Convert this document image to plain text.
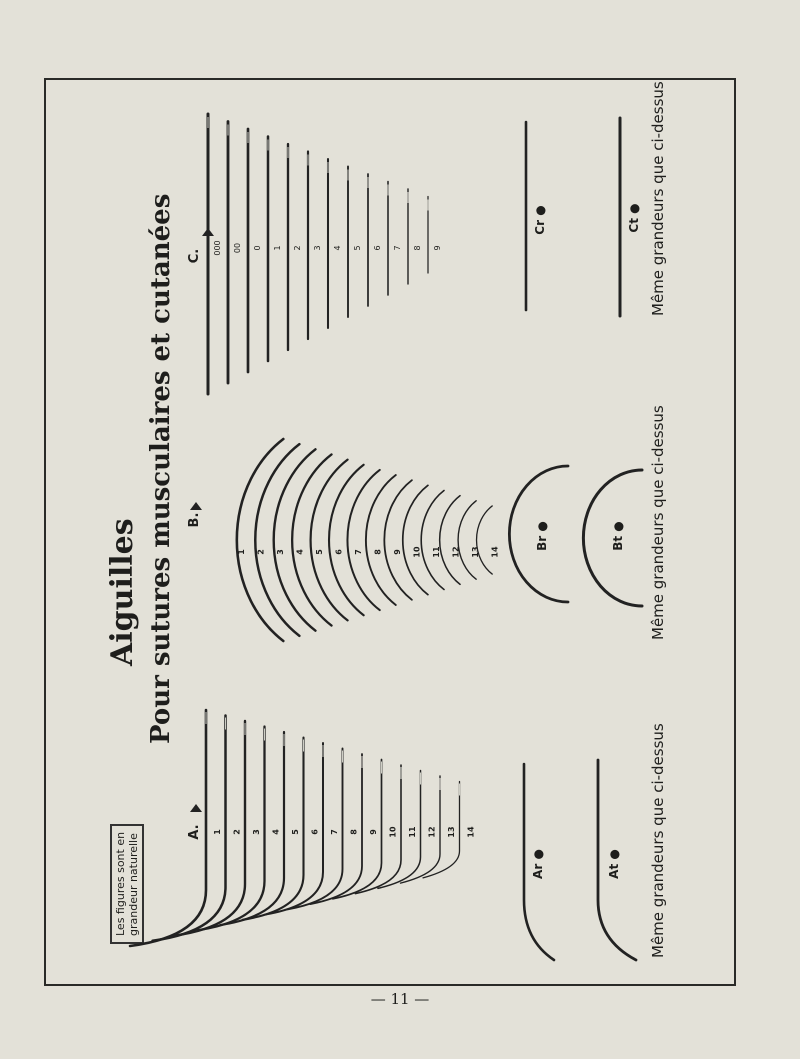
Aiguilles Pour sutures musculaires et cutanées
Les figures sont en grandeur naturelle	Même grandeurs que ci-dessus
Même grandeurs que ci-dessus
Même grandeurs que ci-dessus
A. 1 2 3 4 5 6 7 8 9 10 11 12 13 14
B.
1 2 3 4 5 6 7 8 9 10 11 12 13 14
C.
000 00 0 1 2 3 4 5 6 7 8 9
Ar ●	At ●
Br ●	Bt ●
Cr ●	Ct ●
— 11 —
